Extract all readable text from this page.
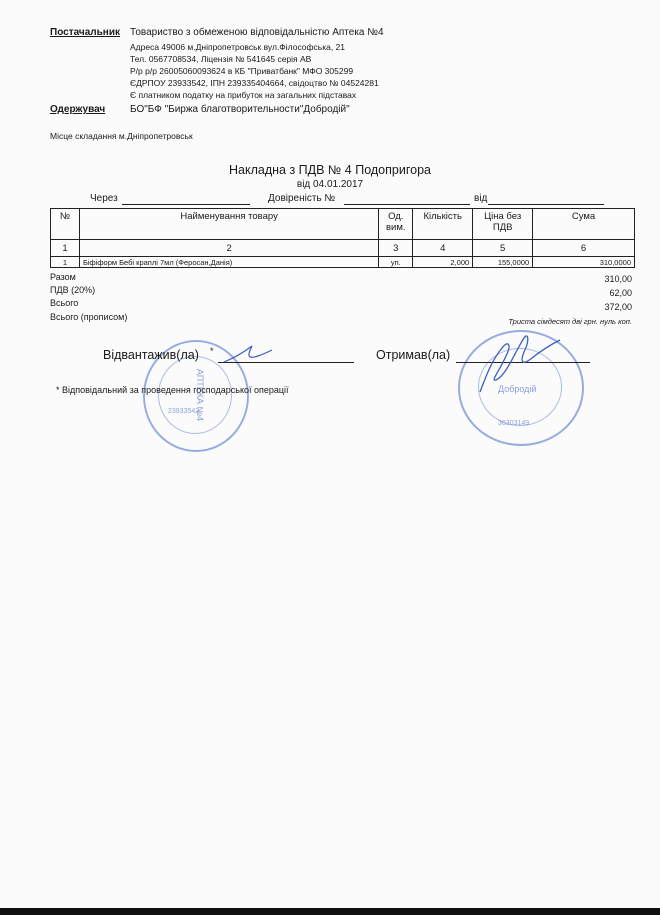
Постачальник Товариство з обмеженою відповідальністю Аптека №4
Адреса 49006 м.Дніпропетровськ вул.Філософська, 21
Тел. 0567708534, Ліцензія № 541645 серія АВ
Р/р р/р 26005060093624 в КБ "Приватбанк" МФО 305299
ЄДРПОУ 23933542, ІПН 239335404664, свідоцтво № 04524281
Є платником податку на прибуток на загальних підставах
Одержувач БО"БФ "Биржа благотворительности"Добродій"
Місце складання м.Дніпропетровськ
Накладна з ПДВ № 4 Подопригора
від 04.01.2017
Через	Довіреність №	від
№	Найменування товару	Од. вим.	Кількість	Ціна без ПДВ	Сума
1	2	3	4	5	6
1	Біфіформ Бебі краплі 7мл (Феросан,Данія)	уп.	2,000	155,0000	310,0000
Разом	310,00
ПДВ (20%)	62,00
Всього	372,00
Всього (прописом)	Триста сімдесят дві грн. нуль коп.
АПТЕКА №4
23933542
Добродій
36303149
Відвантажив(ла) *	Отримав(ла)
* Відповідальний за проведення господарської операції
